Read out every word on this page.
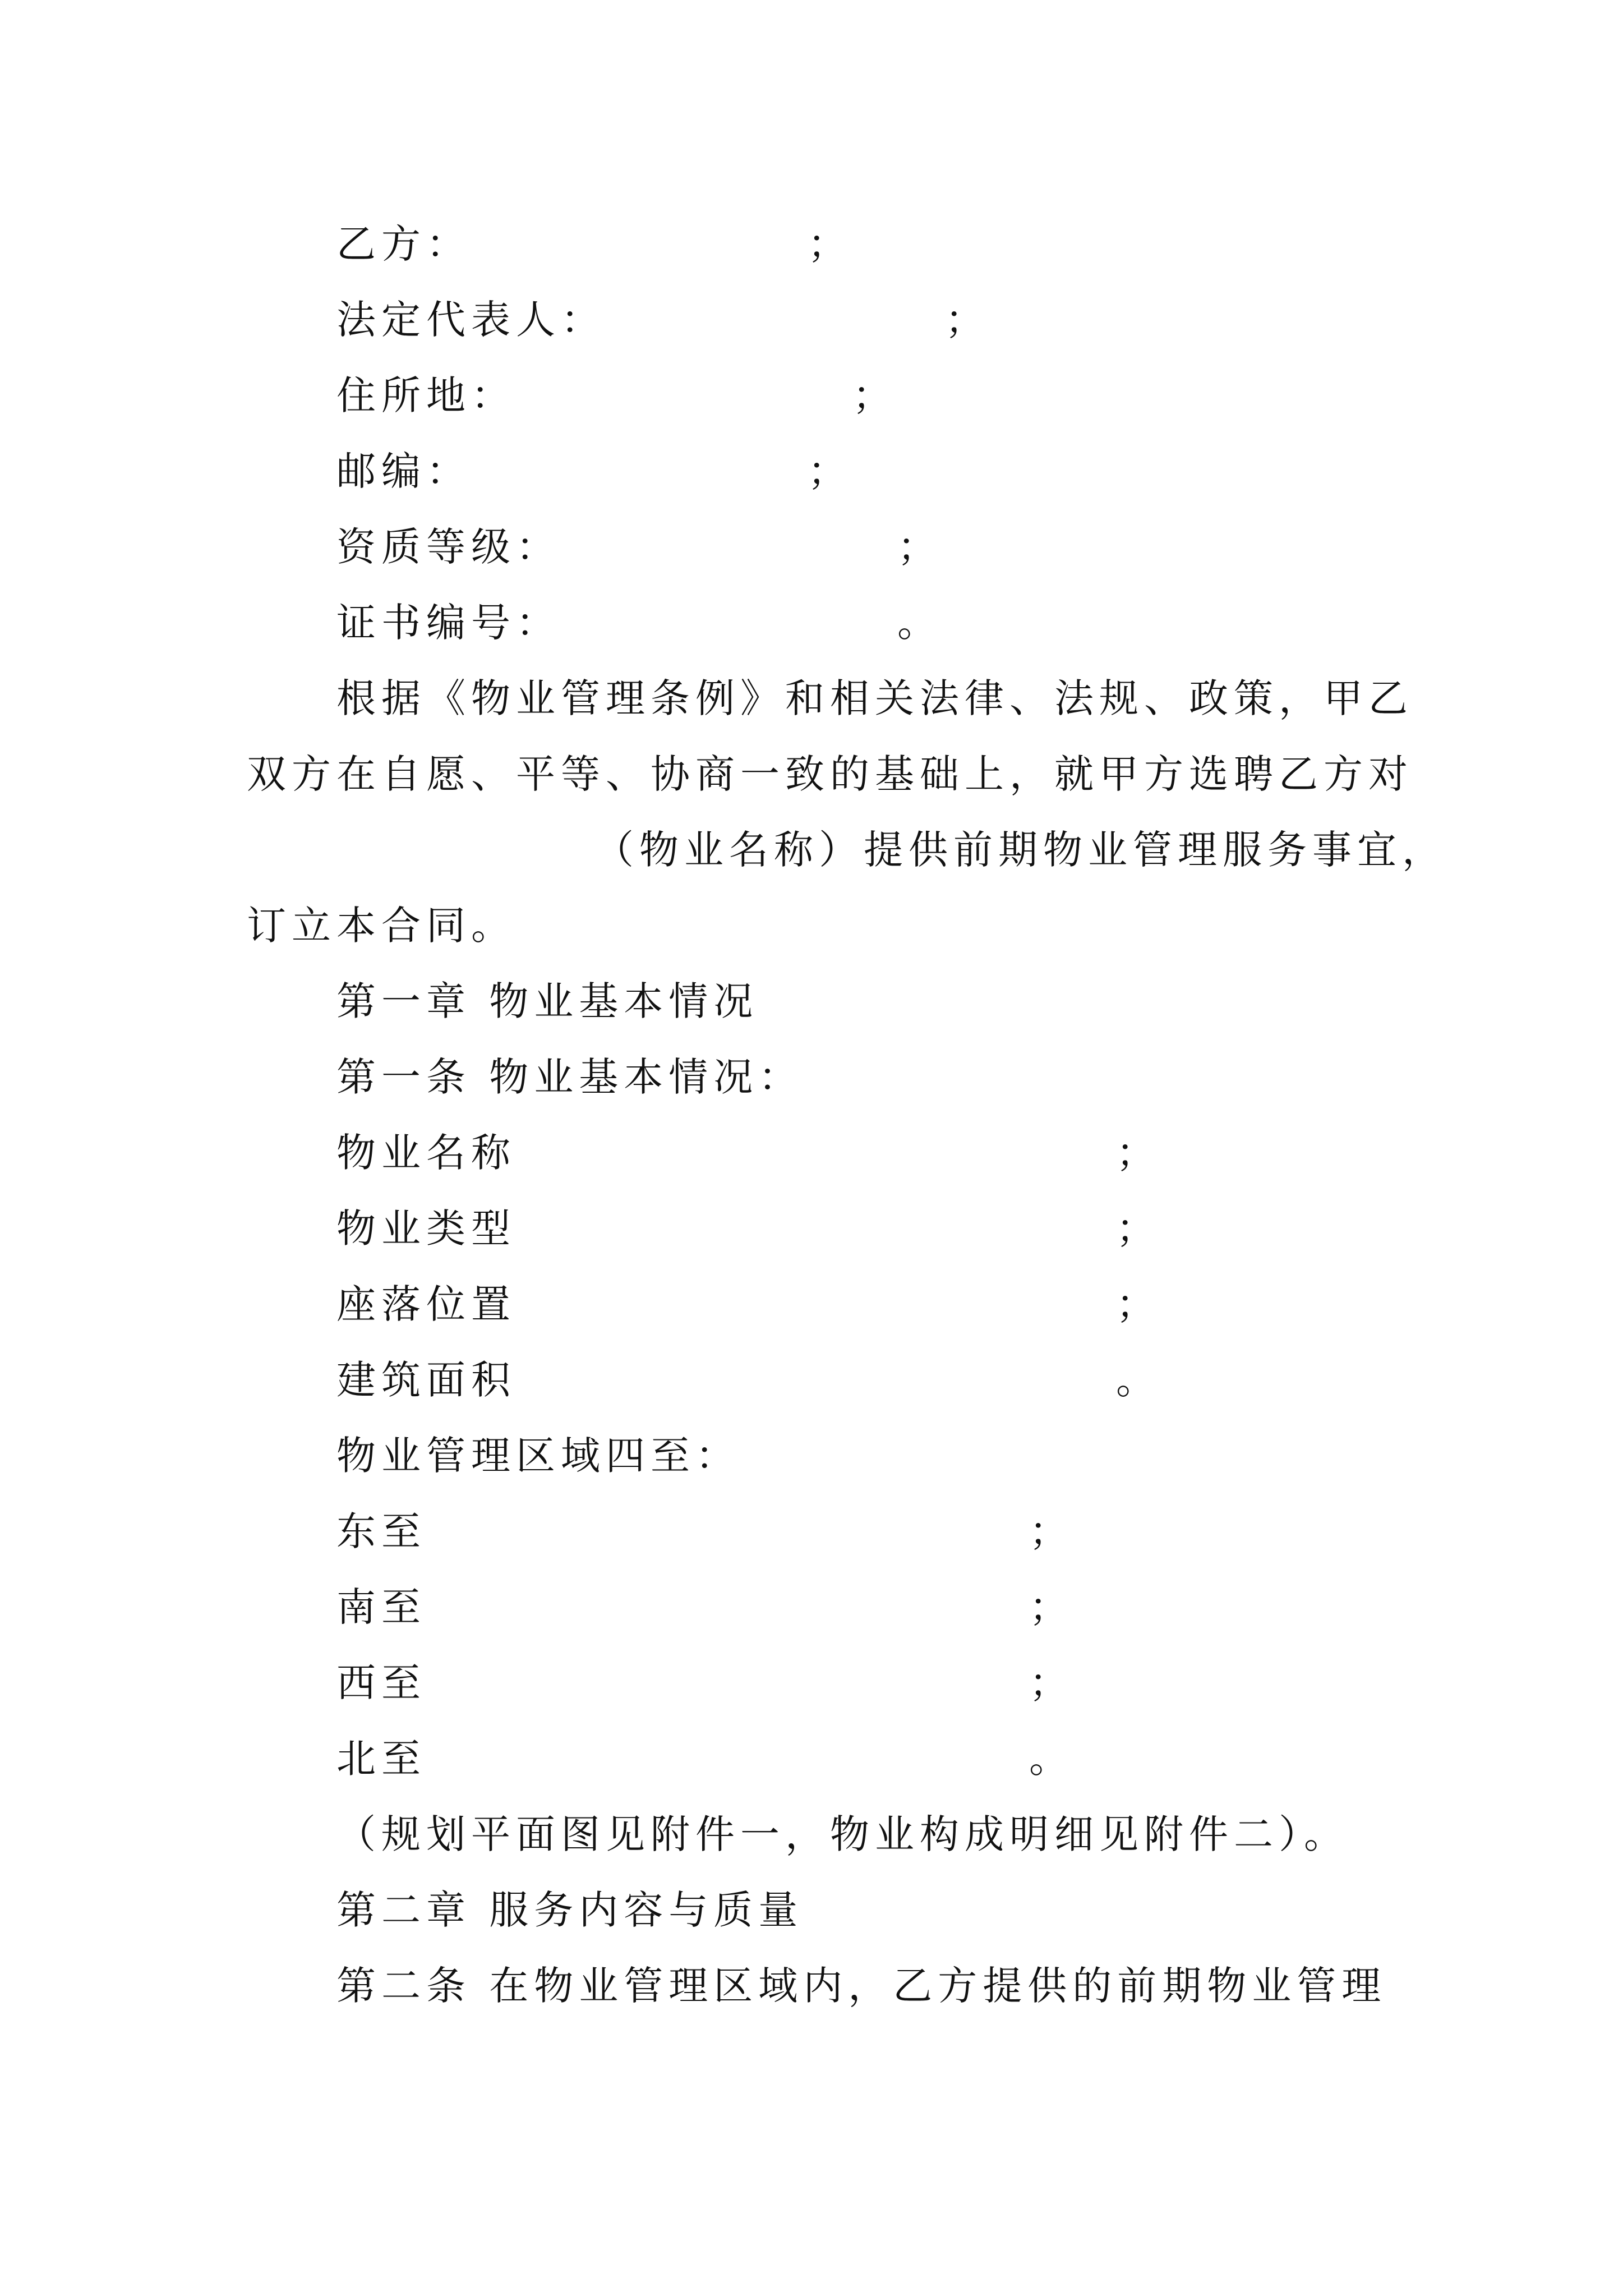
乙方：	；
法定代表人：	；
住所地：	；
邮编：	；
资质等级：	；
证书编号：	。
根据《物业管理条例》和相关法律、法规、政策，甲乙
双方在自愿、平等、协商一致的基础上，就甲方选聘乙方对
（物业名称）提供前期物业管理服务事宜，
订立本合同。
第一章 物业基本情况
第一条 物业基本情况：
物业名称	；
物业类型	；
座落位置	；
建筑面积	。
物业管理区域四至：
东至	；
南至	；
西至	；
北至	。
（规划平面图见附件一，物业构成明细见附件二）。
第二章 服务内容与质量
第二条 在物业管理区域内，乙方提供的前期物业管理
